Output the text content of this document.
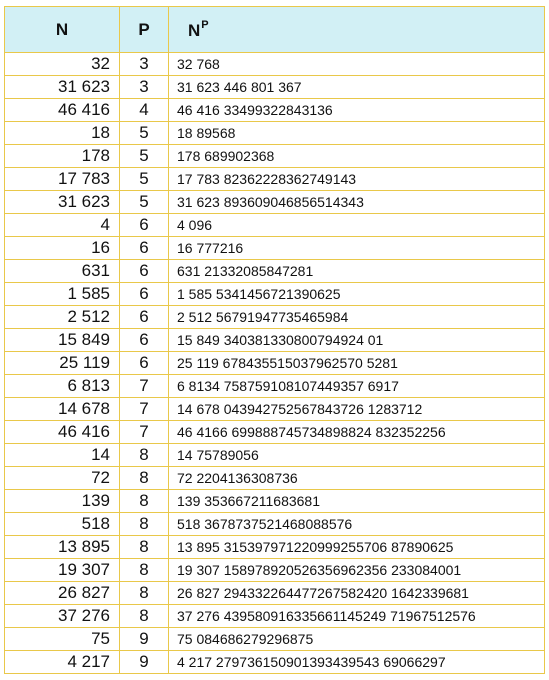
N	P	$N^P$
32	3	32 768
31 623	3	31 623 446 801 367
46 416	4	46 416 33499322843136
18	5	18 89568
178	5	178 689902368
17 783	5	17 783 82362228362749143
31 623	5	31 623 893609046856514343
4	6	4 096
16	6	16 777216
631	6	631 21332085847281
1 585	6	1 585 5341456721390625
2 512	6	2 512 56791947735465984
15 849	6	15 849 340381330800794924 01
25 119	6	25 119 678435515037962570 5281
6 813	7	6 8134 758759108107449357 6917
14 678	7	14 678 043942752567843726 1283712
46 416	7	46 4166 699888745734898824 832352256
14	8	14 75789056
72	8	72 2204136308736
139	8	139 353667211683681
518	8	518 3678737521468088576
13 895	8	13 895 315397971220999255706 87890625
19 307	8	19 307 158978920526356962356 233084001
26 827	8	26 827 294332264477267582420 1642339681
37 276	8	37 276 439580916335661145249 71967512576
75	9	75 084686279296875
4 217	9	4 217 279736150901393439543 69066297
